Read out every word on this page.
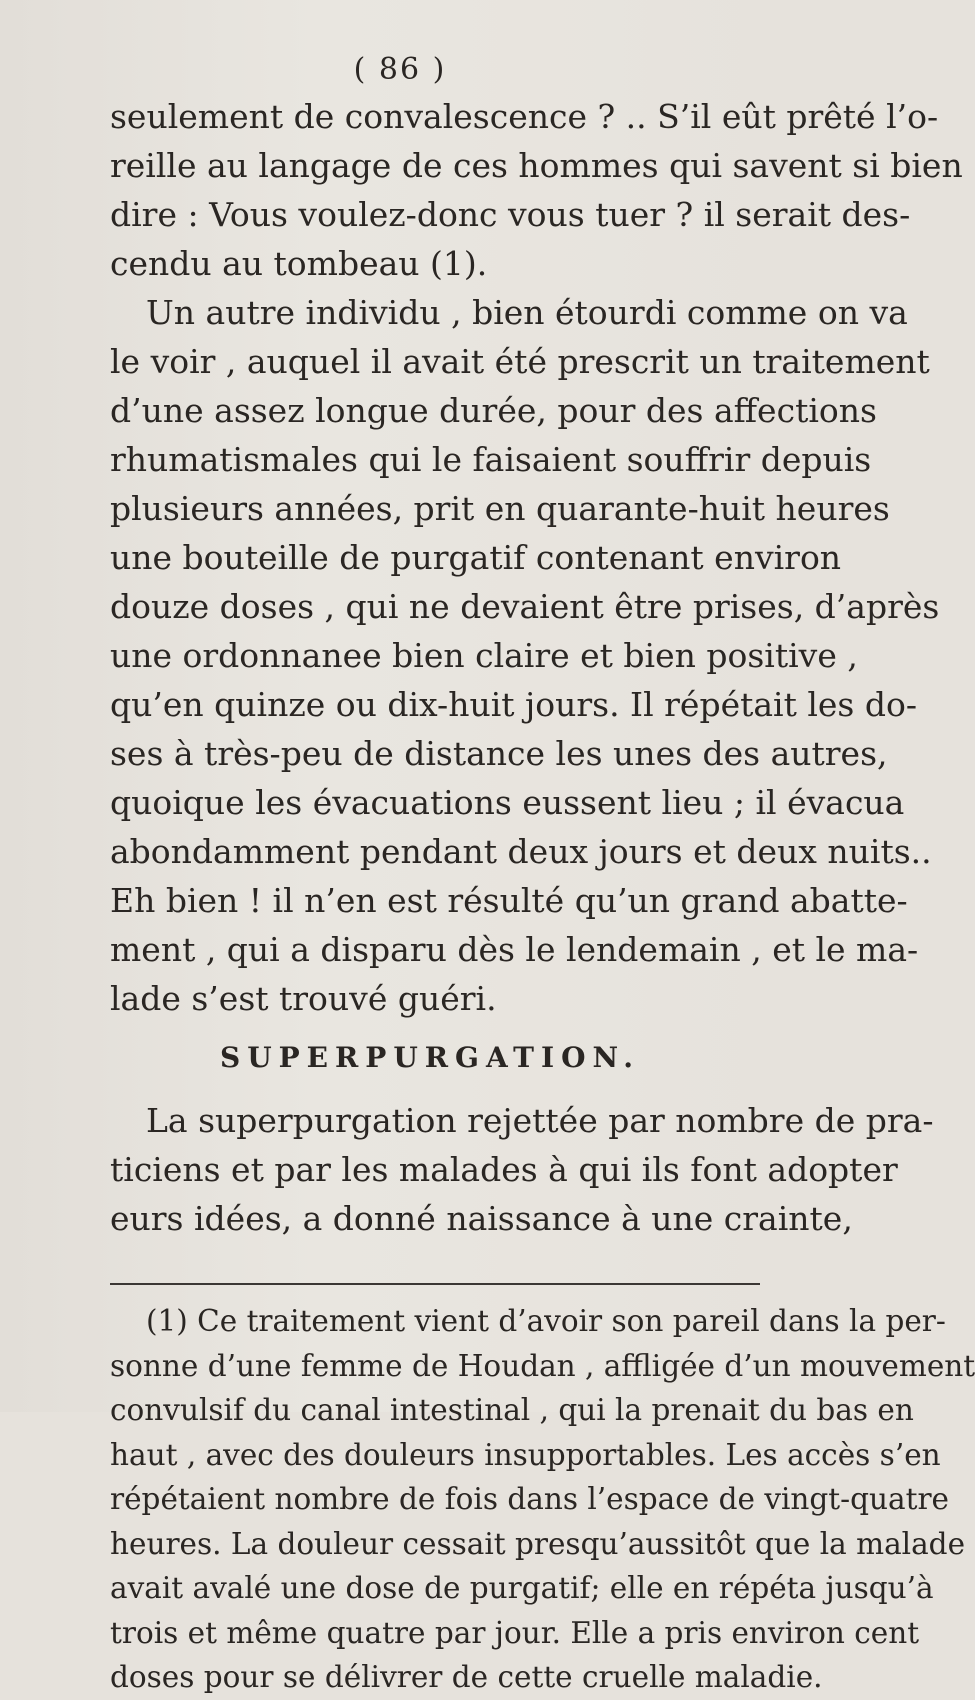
( 86 )
seulement de convalescence ? .. S’il eût prêté l’o-
reille au langage de ces hommes qui savent si bien
dire : Vous voulez-donc vous tuer ? il serait des-
cendu au tombeau (1).
Un autre individu , bien étourdi comme on va
le voir , auquel il avait été prescrit un traitement
d’une assez longue durée, pour des affections
rhumatismales qui le faisaient souffrir depuis
plusieurs années, prit en quarante-huit heures
une bouteille de purgatif contenant environ
douze doses , qui ne devaient être prises, d’après
une ordonnanee bien claire et bien positive ,
qu’en quinze ou dix-huit jours. Il répétait les do-
ses à très-peu de distance les unes des autres,
quoique les évacuations eussent lieu ; il évacua
abondamment pendant deux jours et deux nuits..
Eh bien ! il n’en est résulté qu’un grand abatte-
ment , qui a disparu dès le lendemain , et le ma-
lade s’est trouvé guéri.
SUPERPURGATION.
La superpurgation rejettée par nombre de pra-
ticiens et par les malades à qui ils font adopter
eurs idées, a donné naissance à une crainte,
(1) Ce traitement vient d’avoir son pareil dans la per-
sonne d’une femme de Houdan , affligée d’un mouvement
convulsif du canal intestinal , qui la prenait du bas en
haut , avec des douleurs insupportables. Les accès s’en
répétaient nombre de fois dans l’espace de vingt-quatre
heures. La douleur cessait presqu’aussitôt que la malade
avait avalé une dose de purgatif; elle en répéta jusqu’à
trois et même quatre par jour. Elle a pris environ cent
doses pour se délivrer de cette cruelle maladie.
